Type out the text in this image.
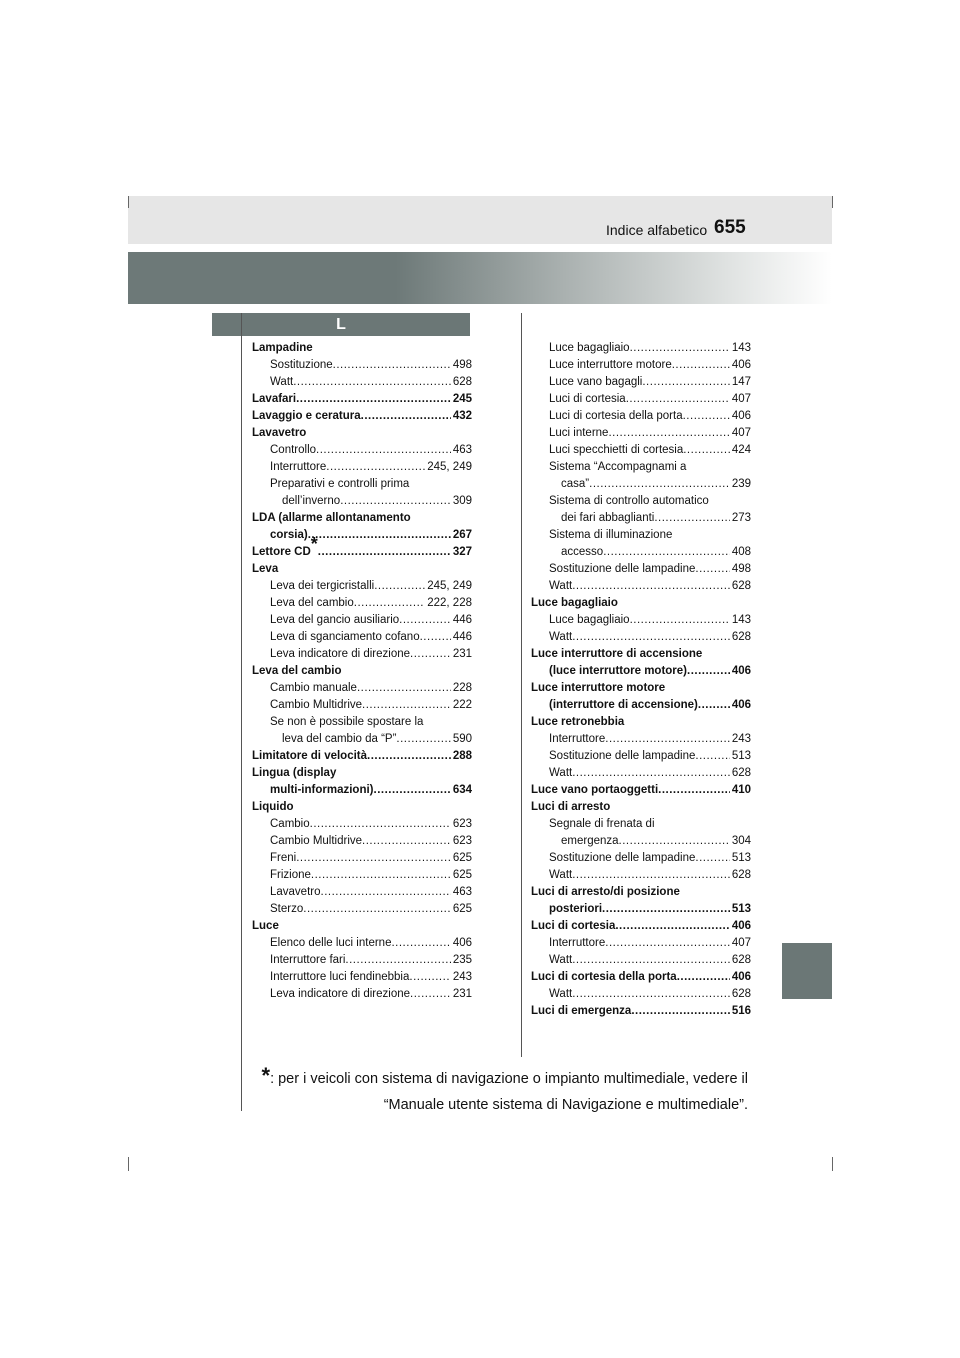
Indice alfabetico 655
L
Lampadine
Sostituzione .....	498
Watt .....	628
Lavafari .....	245
Lavaggio e ceratura .....	432
Lavavetro
Controllo .....	463
Interruttore .....	245, 249
Preparativi e controlli prima
dell’inverno .....	309
LDA (allarme allontanamento
corsia) .....	267
Lettore CD * .....	327
Leva
Leva dei tergicristalli .....	245, 249
Leva del cambio .....	222, 228
Leva del gancio ausiliario .....	446
Leva di sganciamento cofano .....	446
Leva indicatore di direzione .....	231
Leva del cambio
Cambio manuale .....	228
Cambio Multidrive .....	222
Se non è possibile spostare la
leva del cambio da “P” .....	590
Limitatore di velocità .....	288
Lingua (display
multi-informazioni) .....	634
Liquido
Cambio .....	623
Cambio Multidrive .....	623
Freni .....	625
Frizione .....	625
Lavavetro .....	463
Sterzo .....	625
Luce
Elenco delle luci interne .....	406
Interruttore fari .....	235
Interruttore luci fendinebbia .....	243
Leva indicatore di direzione .....	231
Luce bagagliaio .....	143
Luce interruttore motore .....	406
Luce vano bagagli .....	147
Luci di cortesia .....	407
Luci di cortesia della porta .....	406
Luci interne .....	407
Luci specchietti di cortesia .....	424
Sistema “Accompagnami a
casa” .....	239
Sistema di controllo automatico
dei fari abbaglianti .....	273
Sistema di illuminazione
accesso .....	408
Sostituzione delle lampadine .....	498
Watt .....	628
Luce bagagliaio
Luce bagagliaio .....	143
Watt .....	628
Luce interruttore di accensione
(luce interruttore motore) .....	406
Luce interruttore motore
(interruttore di accensione) .....	406
Luce retronebbia
Interruttore .....	243
Sostituzione delle lampadine .....	513
Watt .....	628
Luce vano portaoggetti .....	410
Luci di arresto
Segnale di frenata di
emergenza .....	304
Sostituzione delle lampadine .....	513
Watt .....	628
Luci di arresto/di posizione
posteriori .....	513
Luci di cortesia .....	406
Interruttore .....	407
Watt .....	628
Luci di cortesia della porta .....	406
Watt .....	628
Luci di emergenza .....	516
*: per i veicoli con sistema di navigazione o impianto multimediale, vedere il
“Manuale utente sistema di Navigazione e multimediale”.
